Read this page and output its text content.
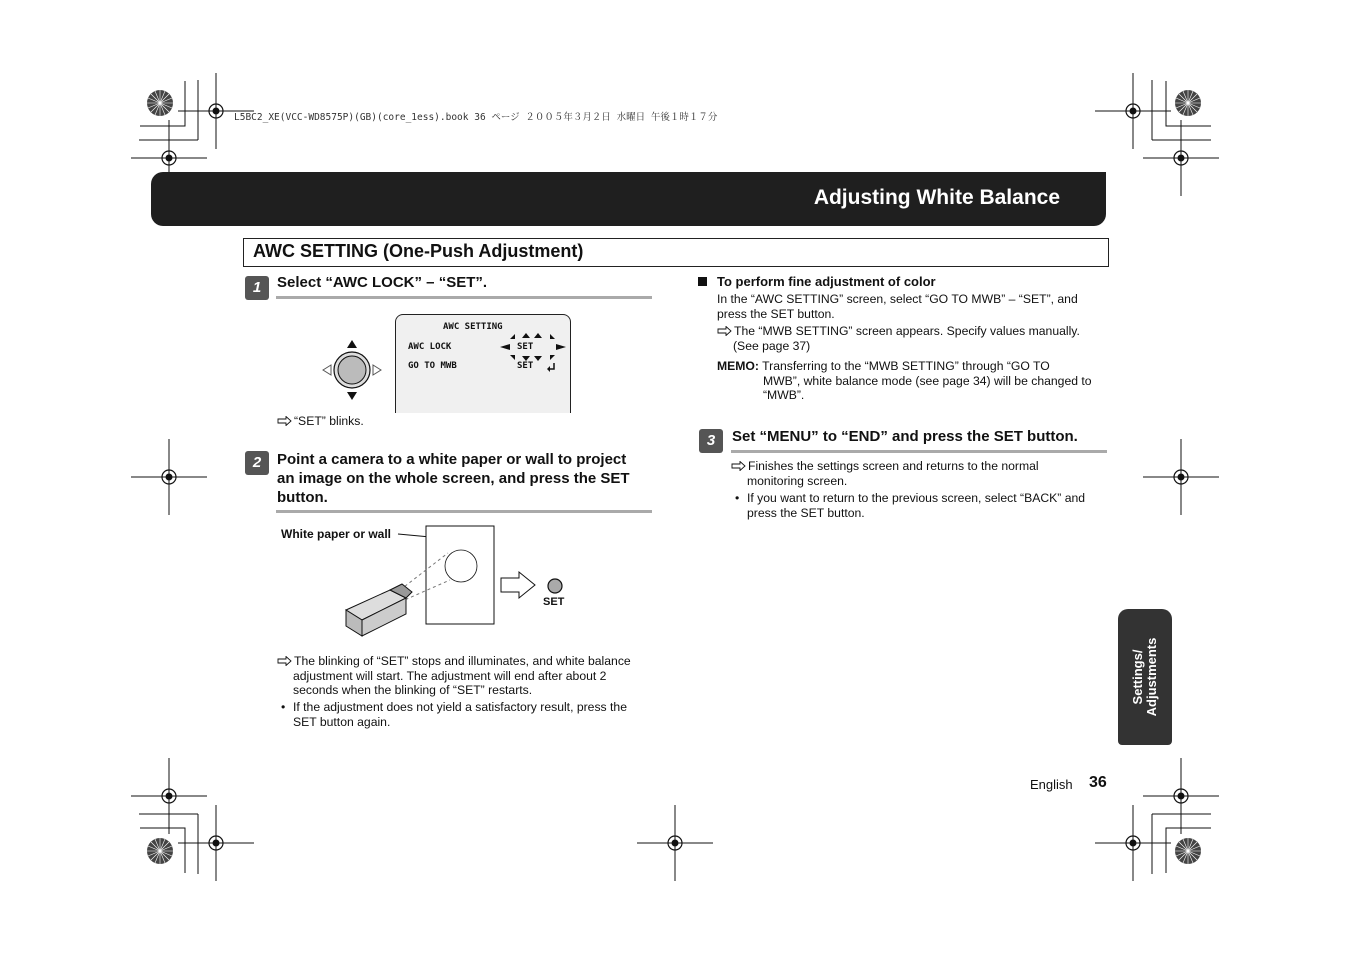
L5BC2_XE(VCC-WD8575P)(GB)(core_1ess).book 36 ページ ２００５年３月２日 水曜日 午後１時１７分
Adjusting White Balance
AWC SETTING (One-Push Adjustment)
1	Select “AWC LOCK” – “SET”.
AWC SETTING
AWC LOCK	SET
GO TO MWB	SET
“SET” blinks.
2	Point a camera to a white paper or wall to project
an image on the whole screen, and press the SET
button.
White paper or wall
SET
The blinking of “SET” stops and illuminates, and white balance
adjustment will start. The adjustment will end after about 2
seconds when the blinking of “SET” restarts.
• If the adjustment does not yield a satisfactory result, press the
SET button again.
To perform fine adjustment of color
In the “AWC SETTING” screen, select “GO TO MWB” – “SET”, and
press the SET button.
The “MWB SETTING” screen appears. Specify values manually.
(See page 37)
MEMO: Transferring to the “MWB SETTING” through “GO TO
MWB”, white balance mode (see page 34) will be changed to
“MWB”.
3	Set “MENU” to “END” and press the SET button.
Finishes the settings screen and returns to the normal
monitoring screen.
• If you want to return to the previous screen, select “BACK” and
press the SET button.
Settings/ Adjustments
English 36
